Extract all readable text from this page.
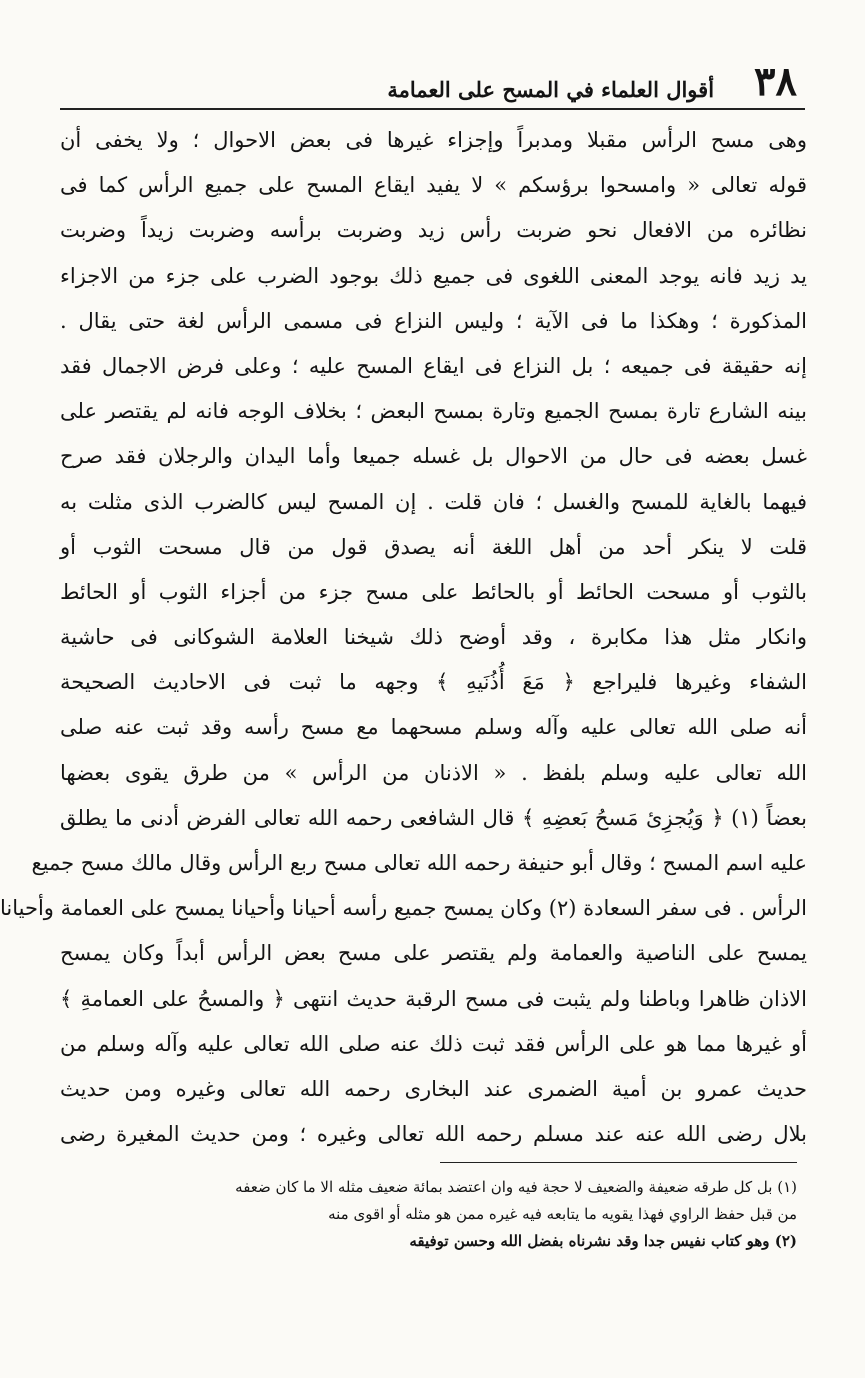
٣٨
أقوال العلماء في المسح على العمامة
وهى مسح الرأس مقبلا ومدبراً وإجزاء غيرها فى بعض الاحوال ؛ ولا يخفى أن
قوله تعالى « وامسحوا برؤسكم » لا يفيد ايقاع المسح على جميع الرأس كما فى
نظائره من الافعال نحو ضربت رأس زيد وضربت برأسه وضربت زيداً وضربت
يد زيد فانه يوجد المعنى اللغوى فى جميع ذلك بوجود الضرب على جزء من الاجزاء
المذكورة ؛ وهكذا ما فى الآية ؛ وليس النزاع فى مسمى الرأس لغة حتى يقال .
إنه حقيقة فى جميعه ؛ بل النزاع فى ايقاع المسح عليه ؛ وعلى فرض الاجمال فقد
بينه الشارع تارة بمسح الجميع وتارة بمسح البعض ؛ بخلاف الوجه فانه لم يقتصر على
غسل بعضه فى حال من الاحوال بل غسله جميعا وأما اليدان والرجلان فقد صرح
فيهما بالغاية للمسح والغسل ؛ فان قلت . إن المسح ليس كالضرب الذى مثلت به
قلت لا ينكر أحد من أهل اللغة أنه يصدق قول من قال مسحت الثوب أو
بالثوب أو مسحت الحائط أو بالحائط على مسح جزء من أجزاء الثوب أو الحائط
وانكار مثل هذا مكابرة ، وقد أوضح ذلك شيخنا العلامة الشوكانى فى حاشية
الشفاء وغيرها فليراجع ﴿ مَعَ أُذُنَيهِ ﴾ وجهه ما ثبت فى الاحاديث الصحيحة
أنه صلى الله تعالى عليه وآله وسلم مسحهما مع مسح رأسه وقد ثبت عنه صلى
الله تعالى عليه وسلم بلفظ . « الاذنان من الرأس » من طرق يقوى بعضها
بعضاً (١) ﴿ وَيُجزِئ مَسحُ بَعضِهِ ﴾ قال الشافعى رحمه الله تعالى الفرض أدنى ما يطلق
عليه اسم المسح ؛ وقال أبو حنيفة رحمه الله تعالى مسح ربع الرأس وقال مالك مسح جميع
الرأس . فى سفر السعادة (٢) وكان يمسح جميع رأسه أحيانا وأحيانا يمسح على العمامة وأحيانا
يمسح على الناصية والعمامة ولم يقتصر على مسح بعض الرأس أبداً وكان يمسح
الاذان ظاهرا وباطنا ولم يثبت فى مسح الرقبة حديث انتهى ﴿ والمسحُ على العمامةِ ﴾
أو غيرها مما هو على الرأس فقد ثبت ذلك عنه صلى الله تعالى عليه وآله وسلم من
حديث عمرو بن أمية الضمرى عند البخارى رحمه الله تعالى وغيره ومن حديث
بلال رضى الله عنه عند مسلم رحمه الله تعالى وغيره ؛ ومن حديث المغيرة رضى
(١) بل كل طرقه ضعيفة والضعيف لا حجة فيه وان اعتضد بمائة ضعيف مثله الا ما كان ضعفه
من قبل حفظ الراوي فهذا يقويه ما يتابعه فيه غيره ممن هو مثله أو اقوى منه
(٢) وهو كتاب نفيس جدا وقد نشرناه بفضل الله وحسن توفيقه
